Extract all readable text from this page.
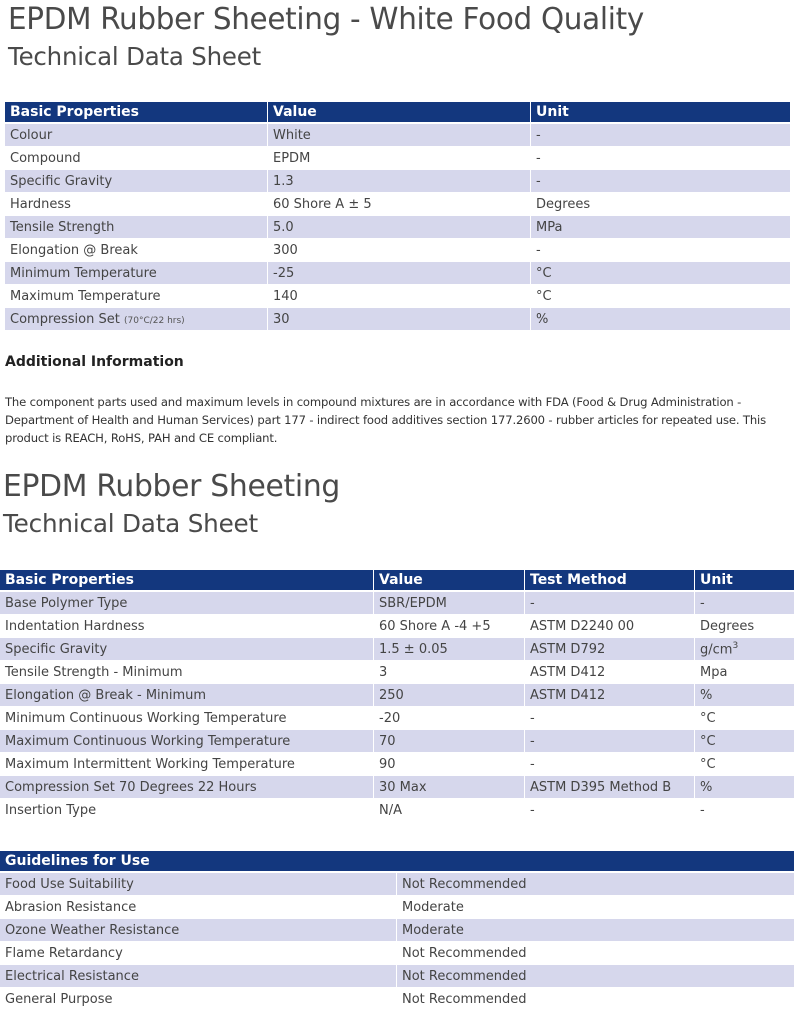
EPDM Rubber Sheeting - White Food Quality
Technical Data Sheet
Basic Properties	Value	Unit
Colour	White	-
Compound	EPDM	-
Specific Gravity	1.3	-
Hardness	60 Shore A ± 5	Degrees
Tensile Strength	5.0	MPa
Elongation @ Break	300	-
Minimum Temperature	-25	°C
Maximum Temperature	140	°C
Compression Set (70°C/22 hrs)	30	%
Additional Information

The component parts used and maximum levels in compound mixtures are in accordance with FDA (Food & Drug Administration - Department of Health and Human Services) part 177 - indirect food additives section 177.2600 - rubber articles for repeated use. This product is REACH, RoHS, PAH and CE compliant.

EPDM Rubber Sheeting
Technical Data Sheet
Basic Properties	Value	Test Method	Unit
Base Polymer Type	SBR/EPDM	-	-
Indentation Hardness	60 Shore A -4 +5	ASTM D2240 00	Degrees
Specific Gravity	1.5 ± 0.05	ASTM D792	$g/cm^3$
Tensile Strength - Minimum	3	ASTM D412	Mpa
Elongation @ Break - Minimum	250	ASTM D412	%
Minimum Continuous Working Temperature	-20	-	°C
Maximum Continuous Working Temperature	70	-	°C
Maximum Intermittent Working Temperature	90	-	°C
Compression Set 70 Degrees 22 Hours	30 Max	ASTM D395 Method B	%
Insertion Type	N/A	-	-
Guidelines for Use	
Food Use Suitability	Not Recommended
Abrasion Resistance	Moderate
Ozone Weather Resistance	Moderate
Flame Retardancy	Not Recommended
Electrical Resistance	Not Recommended
General Purpose	Not Recommended
